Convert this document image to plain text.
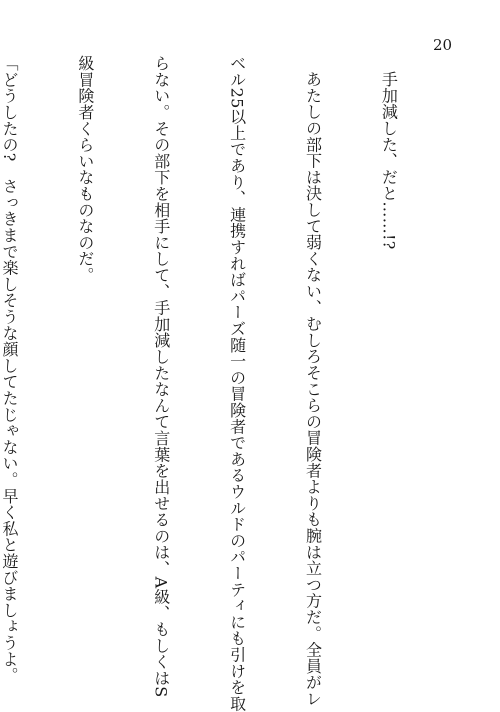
20

手加減した、だと……!?

あたしの部下は決して弱くない、むしろそこらの冒険者よりも腕は立つ方だ。全員がレ

ベル25以上であり、連携すればパーズ随一の冒険者であるウルドのパーティにも引けを取

らない。その部下を相手にして、手加減したなんて言葉を出せるのは、A級、もしくはS

級冒険者くらいなものなのだ。

「どうしたの?　さっきまで楽しそうな顔してたじゃない。早く私と遊びましょうよ。
